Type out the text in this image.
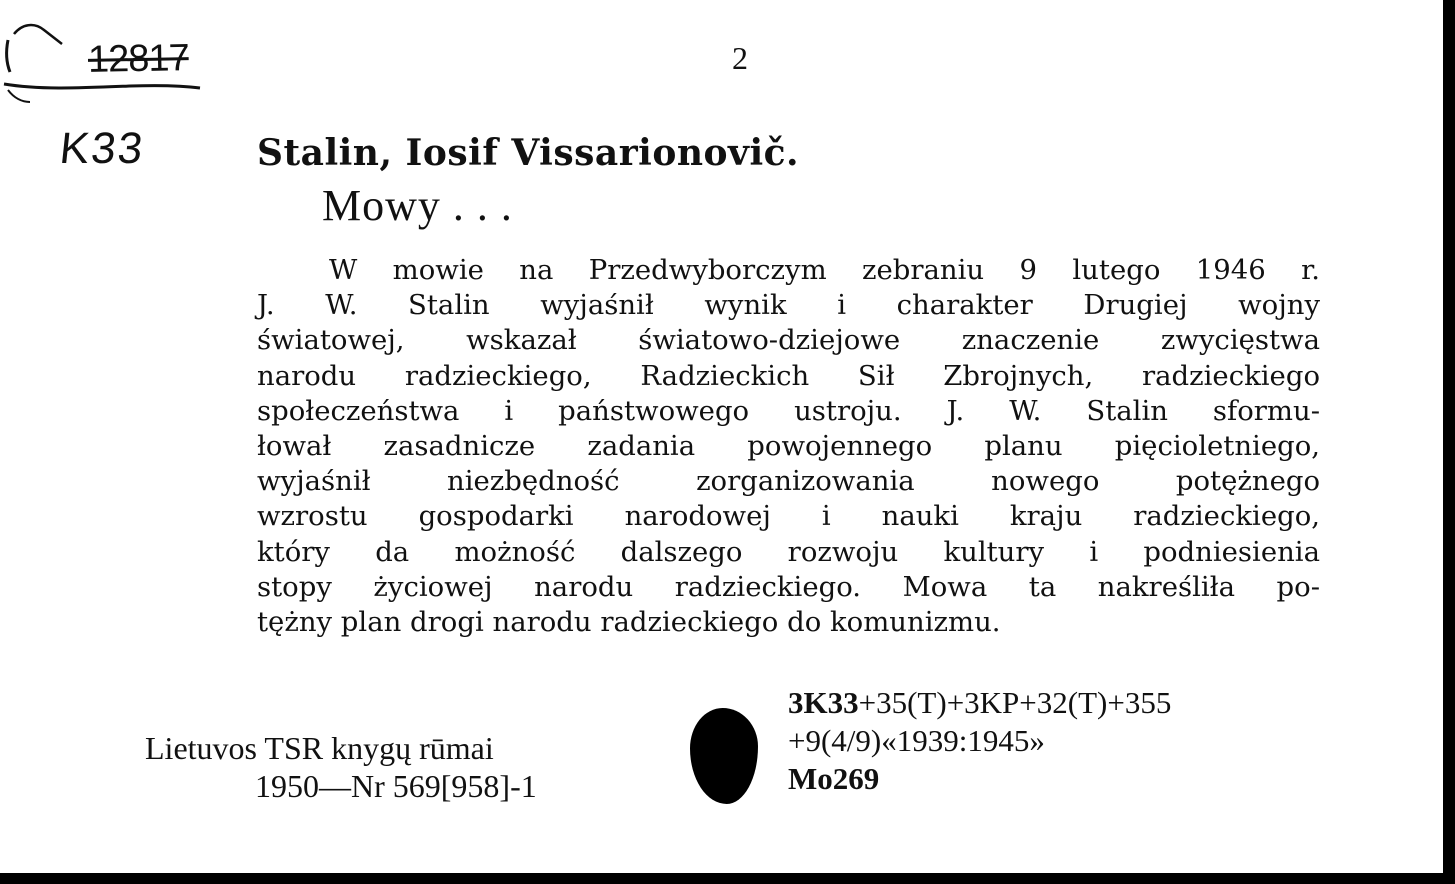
12817
K33
2
Stalin, Iosif Vissarionovič.
Mowy . . .
W mowie na Przedwyborczym zebraniu 9 lutego 1946 r.
J. W. Stalin wyjaśnił wynik i charakter Drugiej wojny
światowej, wskazał światowo-dziejowe znaczenie zwycięstwa
narodu radzieckiego, Radzieckich Sił Zbrojnych, radzieckiego
społeczeństwa i państwowego ustroju. J. W. Stalin sformu-
łował zasadnicze zadania powojennego planu pięcioletniego,
wyjaśnił niezbędność zorganizowania nowego potężnego
wzrostu gospodarki narodowej i nauki kraju radzieckiego,
który da możność dalszego rozwoju kultury i podniesienia
stopy życiowej narodu radzieckiego. Mowa ta nakreśliła po-
tężny plan drogi narodu radzieckiego do komunizmu.
Lietuvos TSR knygų rūmai
1950—Nr 569[958]-1
3K33+35(T)+3KP+32(T)+355
+9(4/9)«1939:1945»
Mo269
